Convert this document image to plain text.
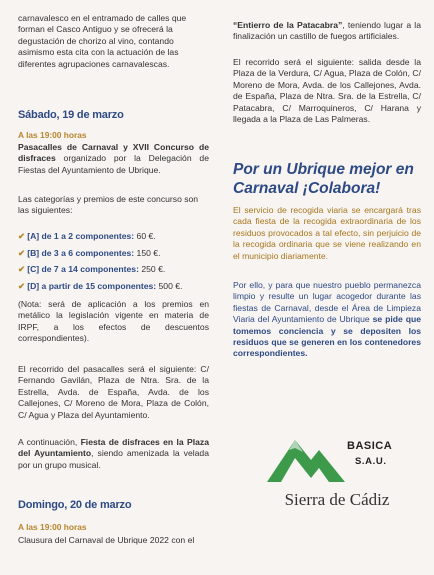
carnavalesco en el entramado de calles que

forman el Casco Antiguo y se ofrecerá la

degustación de chorizo al vino, contando

asimismo esta cita con la actuación de las

diferentes agrupaciones carnavalescas.

Sábado, 19 de marzo

A las 19:00 horas

Pasacalles de Carnaval y XVII Concurso de disfraces organizado por la Delegación de Fiestas del Ayuntamiento de Ubrique.

Las categorías y premios de este concurso son las siguientes:

✔ [A] de 1 a 2 componentes: 60 €.

✔ [B] de 3 a 6 componentes: 150 €.

✔ [C] de 7 a 14 componentes: 250 €.

✔ [D] a partir de 15 componentes: 500 €.

(Nota: será de aplicación a los premios en metálico la legislación vigente en materia de IRPF, a los efectos de descuentos correspondientes).

El recorrido del pasacalles será el siguiente: C/ Fernando Gavilán, Plaza de Ntra. Sra. de la Estrella, Avda. de España, Avda. de los Callejones, C/ Moreno de Mora, Plaza de Colón, C/ Agua y Plaza del Ayuntamiento.

A continuación, Fiesta de disfraces en la Plaza del Ayuntamiento, siendo amenizada la velada por un grupo musical.

Domingo, 20 de marzo

A las 19:00 horas

Clausura del Carnaval de Ubrique 2022 con el

“Entierro de la Patacabra”, teniendo lugar a la finalización un castillo de fuegos artificiales.

El recorrido será el siguiente: salida desde la Plaza de la Verdura, C/ Agua, Plaza de Colón, C/ Moreno de Mora, Avda. de los Callejones, Avda. de España, Plaza de Ntra. Sra. de la Estrella, C/ Patacabra, C/ Marroquineros, C/ Harana y llegada a la Plaza de Las Palmeras.

Por un Ubrique mejor en Carnaval ¡Colabora!

El servicio de recogida viaria se encargará tras cada fiesta de la recogida extraordinaria de los residuos provocados a tal efecto, sin perjuicio de la recogida ordinaria que se viene realizando en el municipio diariamente.

Por ello, y para que nuestro pueblo permanezca limpio y resulte un lugar acogedor durante las fiestas de Carnaval, desde el Área de Limpieza Viaria del Ayuntamiento de Ubrique se pide que tomemos conciencia y se depositen los residuos que se generen en los contenedores correspondientes.

BASICA
S.A.U.
Sierra de Cádiz
